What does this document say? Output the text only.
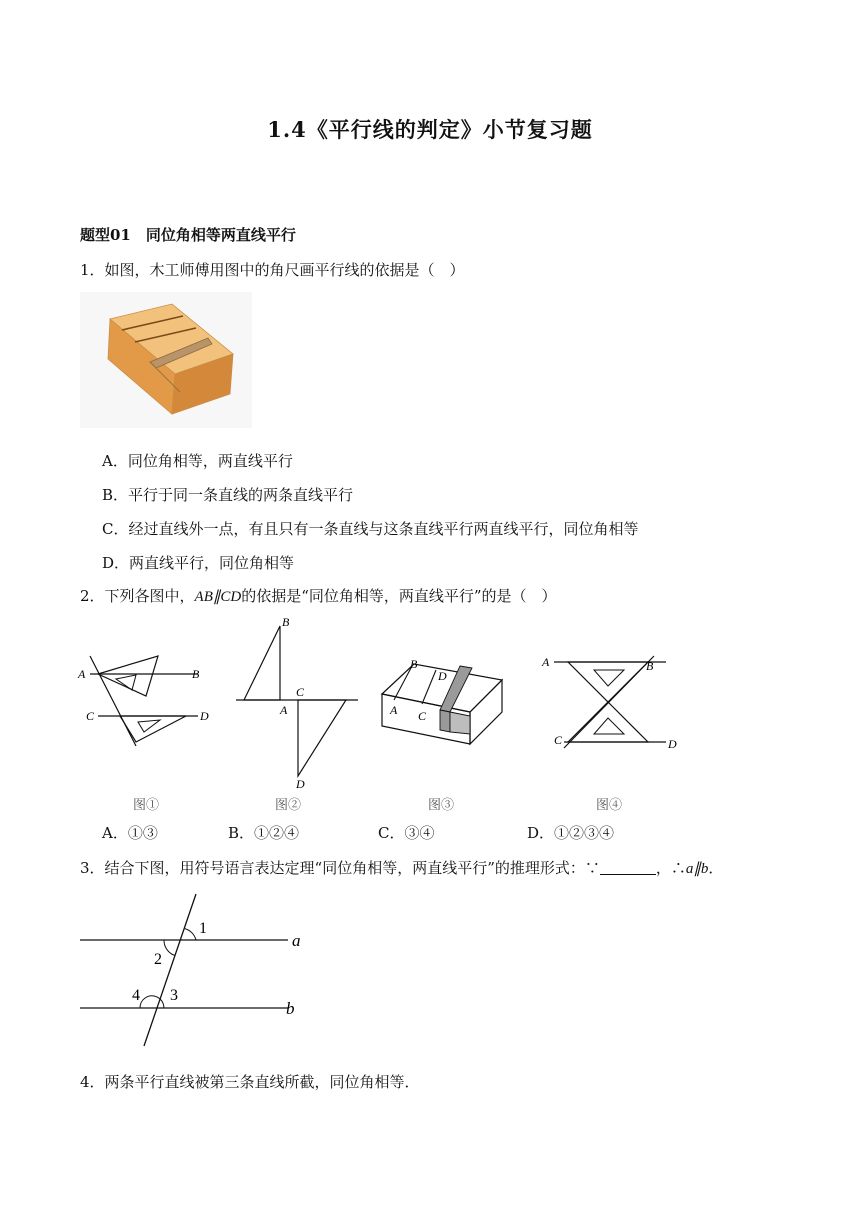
1.4《平行线的判定》小节复习题
题型01　同位角相等两直线平行
1．如图，木工师傅用图中的角尺画平行线的依据是（　）
A．同位角相等，两直线平行
B．平行于同一条直线的两条直线平行
C．经过直线外一点，有且只有一条直线与这条直线平行两直线平行，同位角相等
D．两直线平行，同位角相等
2．下列各图中，AB∥CD的依据是“同位角相等，两直线平行”的是（　）
A	B
C	D
图①
B
C
A
D
图②
B
D
A C
图③
A	B
C	D
图④
A．①③	B．①②④	C．③④	D．①②③④
3．结合下图，用符号语言表达定理“同位角相等，两直线平行”的推理形式：∵	，∴a∥b．
1
2
3
4
a
b
4．两条平行直线被第三条直线所截，同位角相等．
